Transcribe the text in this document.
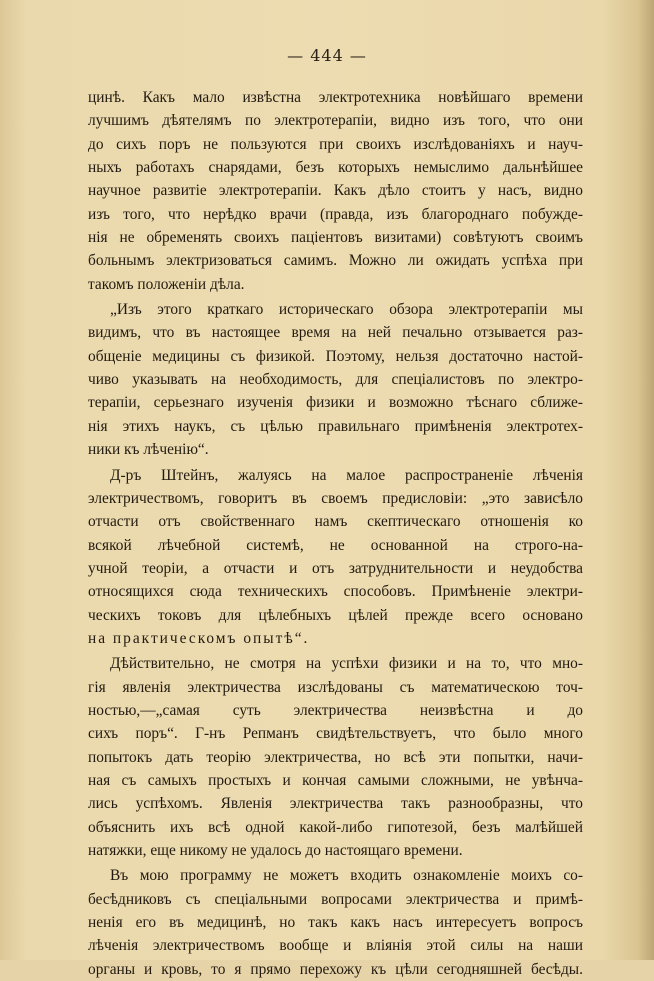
— 444 —
цинѣ. Какъ мало извѣстна электротехника новѣйшаго времени
лучшимъ дѣятелямъ по электротерапіи, видно изъ того, что они
до сихъ поръ не пользуются при своихъ изслѣдованіяхъ и науч-
ныхъ работахъ снарядами, безъ которыхъ немыслимо дальнѣйшее
научное развитіе электротерапіи. Какъ дѣло стоитъ у насъ, видно
изъ того, что нерѣдко врачи (правда, изъ благороднаго побужде-
нія не обременять своихъ паціентовъ визитами) совѣтуютъ своимъ
больнымъ электризоваться самимъ. Можно ли ожидать успѣха при
такомъ положеніи дѣла.
„Изъ этого краткаго историческаго обзора электротерапіи мы
видимъ, что въ настоящее время на ней печально отзывается раз-
общеніе медицины съ физикой. Поэтому, нельзя достаточно настой-
чиво указывать на необходимость, для спеціалистовъ по электро-
терапіи, серьезнаго изученія физики и возможно тѣснаго сближе-
нія этихъ наукъ, съ цѣлью правильнаго примѣненія электротех-
ники къ лѣченію“.
Д-ръ Штейнъ, жалуясь на малое распространеніе лѣченія
электричествомъ, говоритъ въ своемъ предисловіи: „это зависѣло
отчасти отъ свойственнаго намъ скептическаго отношенія ко
всякой лѣчебной системѣ, не основанной на строго-на-
учной теоріи, а отчасти и отъ затруднительности и неудобства
относящихся сюда техническихъ способовъ. Примѣненіе электри-
ческихъ токовъ для цѣлебныхъ цѣлей прежде всего основано
на практическомъ опытѣ“.
Дѣйствительно, не смотря на успѣхи физики и на то, что мно-
гія явленія электричества изслѣдованы съ математическою точ-
ностью,—„самая суть электричества неизвѣстна и до
сихъ поръ“. Г-нъ Репманъ свидѣтельствуетъ, что было много
попытокъ дать теорію электричества, но всѣ эти попытки, начи-
ная съ самыхъ простыхъ и кончая самыми сложными, не увѣнча-
лись успѣхомъ. Явленія электричества такъ разнообразны, что
объяснить ихъ всѣ одной какой-либо гипотезой, безъ малѣйшей
натяжки, еще никому не удалось до настоящаго времени.
Въ мою программу не можетъ входить ознакомленіе моихъ со-
бесѣдниковъ съ спеціальными вопросами электричества и примѣ-
ненія его въ медицинѣ, но такъ какъ насъ интересуетъ вопросъ
лѣченія электричествомъ вообще и вліянія этой силы на наши
органы и кровь, то я прямо перехожу къ цѣли сегодняшней бесѣды.
